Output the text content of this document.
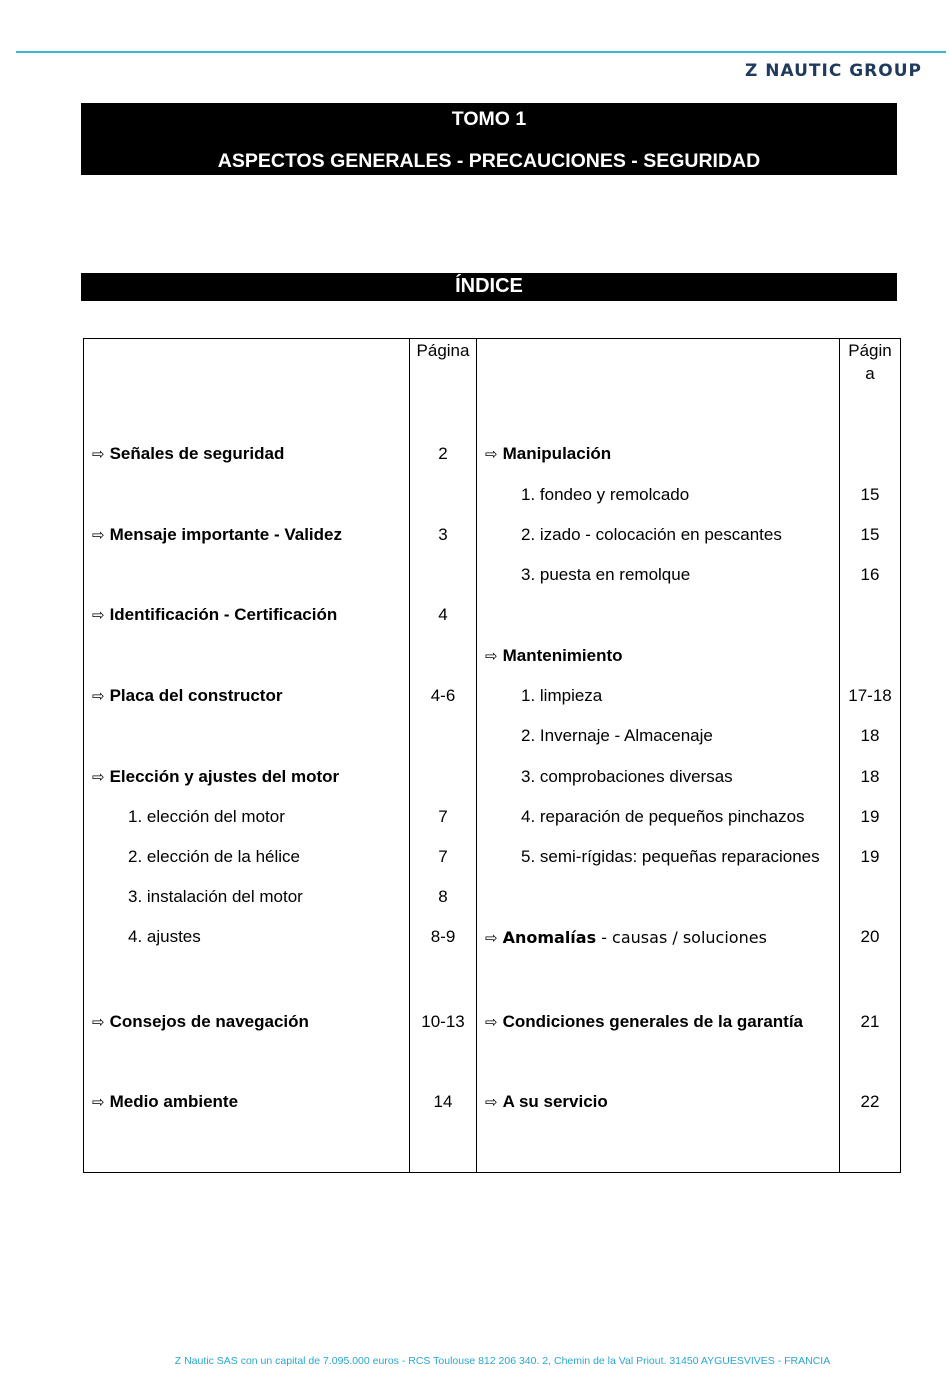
Z NAUTIC GROUP
TOMO 1
ASPECTOS GENERALES - PRECAUCIONES - SEGURIDAD
ÍNDICE
Página	Págin
a
⇨ Señales de seguridad	2
⇨ Mensaje importante - Validez	3
⇨ Identificación - Certificación	4
⇨ Placa del constructor	4-6
⇨ Elección y ajustes del motor
1. elección del motor	7
2. elección de la hélice	7
3. instalación del motor	8
4. ajustes	8-9
⇨ Consejos de navegación	10-13
⇨ Medio ambiente	14
⇨ Manipulación
1. fondeo y remolcado	15
2. izado - colocación en pescantes	15
3. puesta en remolque	16
⇨ Mantenimiento
1. limpieza	17-18
2. Invernaje - Almacenaje	18
3. comprobaciones diversas	18
4. reparación de pequeños pinchazos	19
5. semi-rígidas: pequeñas reparaciones	19
⇨ Anomalías - causas / soluciones	20
⇨ Condiciones generales de la garantía	21
⇨ A su servicio	22
Z Nautic SAS con un capital de 7.095.000 euros - RCS Toulouse 812 206 340. 2, Chemin de la Val Priout. 31450 AYGUESVIVES - FRANCIA
